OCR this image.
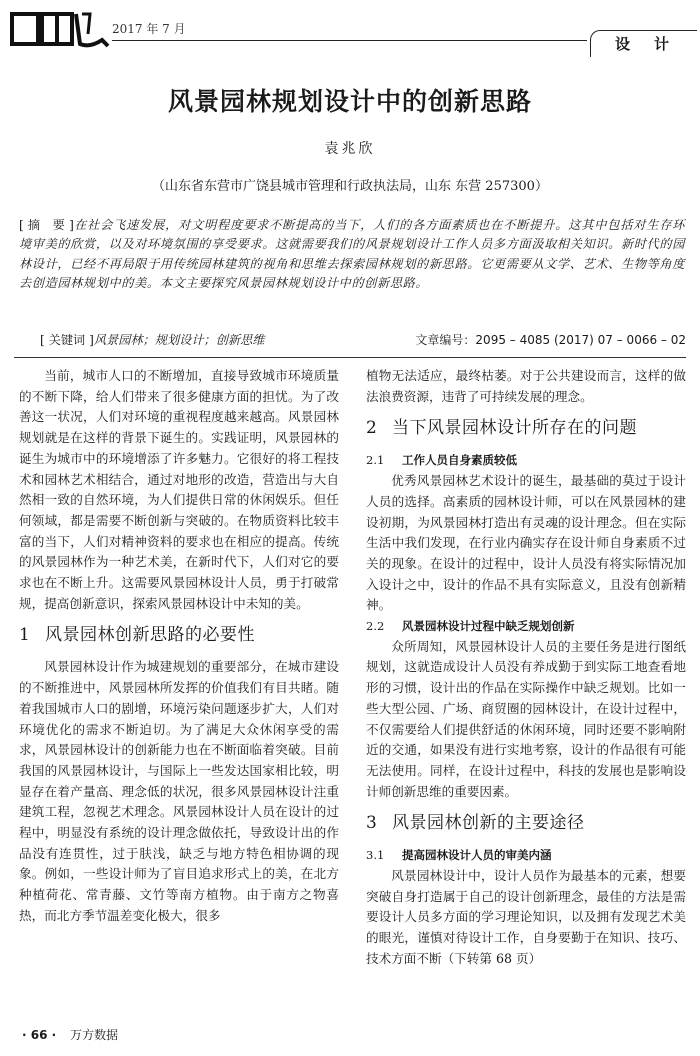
2017 年 7 月
设计
风景园林规划设计中的创新思路
袁兆欣
（山东省东营市广饶县城市管理和行政执法局，山东 东营 257300）
[ 摘　要 ]在社会飞速发展，对文明程度要求不断提高的当下，人们的各方面素质也在不断提升。这其中包括对生存环境审美的欣赏，以及对环境氛围的享受要求。这就需要我们的风景规划设计工作人员多方面汲取相关知识。新时代的园林设计，已经不再局限于用传统园林建筑的视角和思维去探索园林规划的新思路。它更需要从文学、艺术、生物等角度去创造园林规划中的美。本文主要探究风景园林规划设计中的创新思路。
[ 关键词 ]风景园林；规划设计；创新思维	文章编号：2095 – 4085 (2017) 07 – 0066 – 02

当前，城市人口的不断增加，直接导致城市环境质量的不断下降，给人们带来了很多健康方面的担忧。为了改善这一状况，人们对环境的重视程度越来越高。风景园林规划就是在这样的背景下诞生的。实践证明，风景园林的诞生为城市中的环境增添了许多魅力。它很好的将工程技术和园林艺术相结合，通过对地形的改造，营造出与大自然相一致的自然环境，为人们提供日常的休闲娱乐。但任何领域，都是需要不断创新与突破的。在物质资料比较丰富的当下，人们对精神资料的要求也在相应的提高。传统的风景园林作为一种艺术美，在新时代下，人们对它的要求也在不断上升。这需要风景园林设计人员，勇于打破常规，提高创新意识，探索风景园林设计中未知的美。

1 风景园林创新思路的必要性

风景园林设计作为城建规划的重要部分，在城市建设的不断推进中，风景园林所发挥的价值我们有目共睹。随着我国城市人口的剧增，环境污染问题逐步扩大，人们对环境优化的需求不断迫切。为了满足大众休闲享受的需求，风景园林设计的创新能力也在不断面临着突破。目前我国的风景园林设计，与国际上一些发达国家相比较，明显存在着产量高、理念低的状况，很多风景园林设计注重建筑工程，忽视艺术理念。风景园林设计人员在设计的过程中，明显没有系统的设计理念做依托，导致设计出的作品没有连贯性，过于肤浅，缺乏与地方特色相协调的现象。例如，一些设计师为了盲目追求形式上的美，在北方种植荷花、常青藤、文竹等南方植物。由于南方之物喜热，而北方季节温差变化极大，很多

植物无法适应，最终枯萎。对于公共建设而言，这样的做法浪费资源，违背了可持续发展的理念。

2 当下风景园林设计所存在的问题
2.1 工作人员自身素质较低

优秀风景园林艺术设计的诞生，最基础的莫过于设计人员的选择。高素质的园林设计师，可以在风景园林的建设初期，为风景园林打造出有灵魂的设计理念。但在实际生活中我们发现，在行业内确实存在设计师自身素质不过关的现象。在设计的过程中，设计人员没有将实际情况加入设计之中，设计的作品不具有实际意义，且没有创新精神。

2.2 风景园林设计过程中缺乏规划创新

众所周知，风景园林设计人员的主要任务是进行图纸规划，这就造成设计人员没有养成勤于到实际工地查看地形的习惯，设计出的作品在实际操作中缺乏规划。比如一些大型公园、广场、商贸圈的园林设计，在设计过程中，不仅需要给人们提供舒适的休闲环境，同时还要不影响附近的交通，如果没有进行实地考察，设计的作品很有可能无法使用。同样，在设计过程中，科技的发展也是影响设计师创新思维的重要因素。

3 风景园林创新的主要途径
3.1 提高园林设计人员的审美内涵

风景园林设计中，设计人员作为最基本的元素，想要突破自身打造属于自己的设计创新理念，最佳的方法是需要设计人员多方面的学习理论知识，以及拥有发现艺术美的眼光，谨慎对待设计工作，自身要勤于在知识、技巧、技术方面不断（下转第 68 页）

· 66 · 万方数据
